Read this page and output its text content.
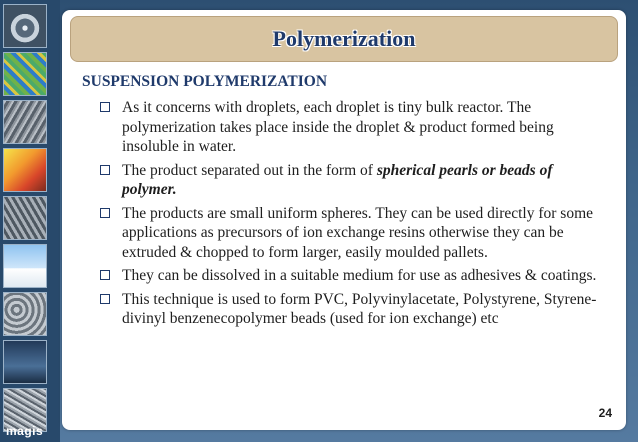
magis
Polymerization
SUSPENSION POLYMERIZATION
As it concerns with droplets, each droplet is tiny bulk reactor. The polymerization takes place inside the droplet & product formed being insoluble in water.
The product separated out in the form of spherical pearls or beads of polymer.
The products are small uniform spheres. They can be used directly for some applications as precursors of ion exchange resins otherwise they can be extruded & chopped to form larger, easily moulded pallets.
They can be dissolved in a suitable medium for use as adhesives & coatings.
This technique is used to form PVC, Polyvinylacetate, Polystyrene, Styrene-divinyl benzenecopolymer beads (used for ion exchange) etc
24
